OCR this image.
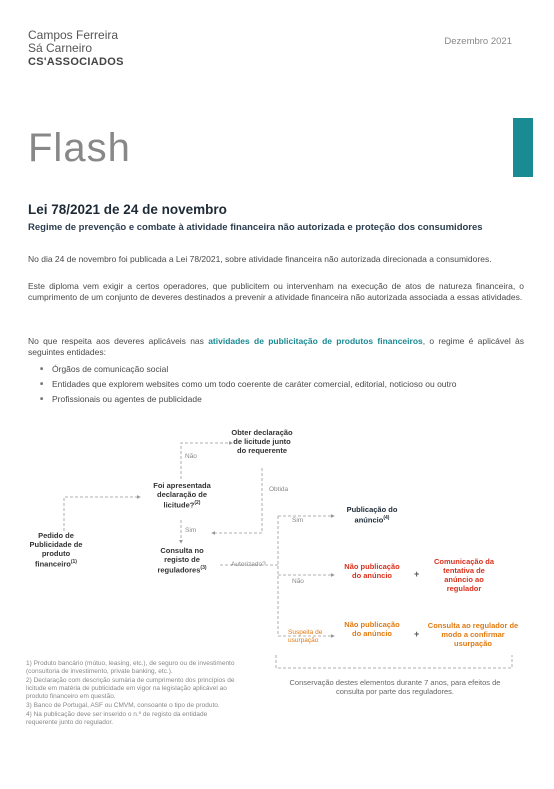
Campos Ferreira
Sá Carneiro
CS'ASSOCIADOS
Dezembro 2021
Flash
Lei 78/2021 de 24 de novembro
Regime de prevenção e combate à atividade financeira não autorizada e proteção dos consumidores
No dia 24 de novembro foi publicada a Lei 78/2021, sobre atividade financeira não autorizada direcionada a consumidores.
Este diploma vem exigir a certos operadores, que publicitem ou intervenham na execução de atos de natureza financeira, o cumprimento de um conjunto de deveres destinados a prevenir a atividade financeira não autorizada associada a essas atividades.
No que respeita aos deveres aplicáveis nas atividades de publicitação de produtos financeiros, o regime é aplicável às seguintes entidades:
■ Órgãos de comunicação social
■ Entidades que explorem websites como um todo coerente de caráter comercial, editorial, noticioso ou outro
■ Profissionais ou agentes de publicidade
Obter declaração de licitude junto do requerente
Não
Foi apresentada declaração de licitude?$^{(2)}$
Obtida
Sim
Pedido de Publicidade de produto financeiro$^{(1)}$
Consulta no registo de reguladores$^{(3)}$	Autorizado?
Sim
Não
Suspeita de usurpação
Publicação do anúncio$^{(4)}$
Não publicação do anúncio	+
Comunicação da tentativa de anúncio ao regulador
Não publicação do anúncio	+
Consulta ao regulador de modo a confirmar usurpação
Conservação destes elementos durante 7 anos, para efeitos de consulta por parte dos reguladores.
1) Produto bancário (mútuo, leasing, etc.), de seguro ou de investimento (consultoria de investimento, private banking, etc.).
2) Declaração com descrição sumária de cumprimento dos princípios de licitude em matéria de publicidade em vigor na legislação aplicável ao produto financeiro em questão.
3) Banco de Portugal, ASF ou CMVM, consoante o tipo de produto.
4) Na publicação deve ser inserido o n.º de registo da entidade requerente junto do regulador.
